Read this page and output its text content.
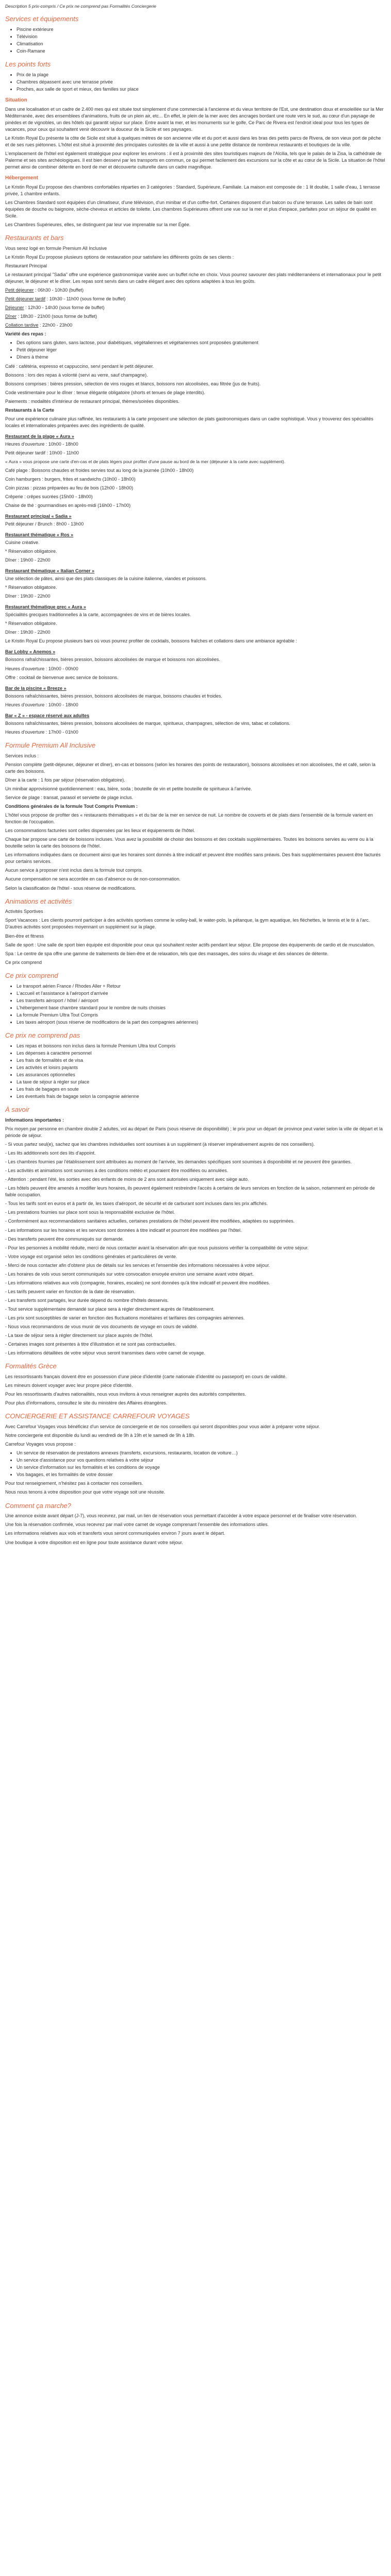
Description 5 prix-compris / Ce prix ne comprend pas Formalités Conciergerie

Services et équipements
• Piscine extérieure
• Télévision
• Climatisation
• Coin-Ramane
Les points forts
• Prix de la plage
• Chambres dépassent avec une terrasse privée
• Proches, aux salle de sport et mieux, des familles sur place
Situation

Dans une localisation et un cadre de 2.400 mes qui est située tout simplement d'une commercial à l'ancienne et du vieux territoire de l'Est, une destination doux et ensoleillée sur la Mer Méditerranée, avec des ensemblees d'animations, fruits de un plein air, etc... En effet, le plein de la mer avec des ancrages bordant une route vers le sud, au cœur d'un paysage de pinèdes et de vignobles, un des hôtels qui garantit séjour sur place. Entre avant la mer, et les monuments sur le golfe, Ce Parc de Rivera est l'endroit ideal pour tous les types de vacances, pour ceux qui souhaitent venir découvrir la douceur de la Sicile et ses paysages.

Le Kristin Royal Eu présente la côte de Sicile est situé à quelques mètres de son ancienne ville et du port et aussi dans les bras des petits parcs de Rivera, de son vieux port de pêche et de ses rues piétonnes. L'hôtel est situé à proximité des principales curiosités de la ville et aussi à une petite distance de nombreux restaurants et boutiques de la ville.

L'emplacement de l'hôtel est également stratégique pour explorer les environs : il est à proximité des sites touristiques majeurs de l'Alcilia, tels que le palais de la Zisa, la cathédrale de Palerme et ses sites archéologiques. Il est bien desservi par les transports en commun, ce qui permet facilement des excursions sur la côte et au cœur de la Sicile. La situation de l'hôtel permet ainsi de combiner détente en bord de mer et découverte culturelle dans un cadre magnifique.

Hébergement

Le Kristin Royal Eu propose des chambres confortables réparties en 3 catégories : Standard, Supérieure, Familiale. La maison est composée de : 1 lit double, 1 salle d'eau, 1 terrasse privée, 1 chambre enfants.

Les Chambres Standard sont équipées d'un climatiseur, d'une télévision, d'un minibar et d'un coffre-fort. Certaines disposent d'un balcon ou d'une terrasse. Les salles de bain sont équipées de douche ou baignoire, sèche-cheveux et articles de toilette. Les chambres Supérieures offrent une vue sur la mer et plus d'espace, parfaites pour un séjour de qualité en Sicile.

Les Chambres Supérieures, elles, se distinguent par leur vue imprenable sur la mer Égée.

Restaurants et bars

Vous serez logé en formule Premium All Inclusive

Le Kristin Royal Eu propose plusieurs options de restauration pour satisfaire les différents goûts de ses clients :

Restaurant Principal

Le restaurant principal "Sadia" offre une expérience gastronomique variée avec un buffet riche en choix. Vous pourrez savourer des plats méditerranéens et internationaux pour le petit déjeuner, le déjeuner et le dîner. Les repas sont servis dans un cadre élégant avec des options adaptées à tous les goûts.

Petit déjeuner : 06h30 - 10h30 (buffet)

Petit déjeuner tardif : 10h30 - 11h00 (sous forme de buffet)

Déjeuner : 12h30 - 14h30 (sous forme de buffet)

Dîner : 18h30 - 21h00 (sous forme de buffet)

Collation tardive : 22h00 - 23h00

Variété des repas :

• Des options sans gluten, sans lactose, pour diabétiques, végétaliennes et végétariennes sont proposées gratuitement
• Petit déjeuner léger
• Dîners à thème

Café : cafétéria, espresso et cappuccino, servi pendant le petit déjeuner.

Boissons : lors des repas à volonté (servi au verre, sauf champagne).

Boissons comprises : bières pression, sélection de vins rouges et blancs, boissons non alcoolisées, eau filtrée (jus de fruits).

Code vestimentaire pour le dîner : tenue élégante obligatoire (shorts et tenues de plage interdits).

Paiements : modalités d'intérieur de restaurant principal, thèmes/soirées disponibles.

Restaurants à la Carte

Pour une expérience culinaire plus raffinée, les restaurants à la carte proposent une sélection de plats gastronomiques dans un cadre sophistiqué. Vous y trouverez des spécialités locales et internationales préparées avec des ingrédients de qualité.

Restaurant de la plage « Aura »

Heures d'ouverture : 10h00 - 18h00

Petit déjeuner tardif : 10h00 - 11h00

« Aura » vous propose une carte d'en-cas et de plats légers pour profiter d'une pause au bord de la mer (déjeuner à la carte avec supplément).

Café plage : Boissons chaudes et froides servies tout au long de la journée (10h00 - 18h00)

Coin hamburgers : burgers, frites et sandwichs (10h00 - 18h00)

Coin pizzas : pizzas préparées au feu de bois (12h00 - 18h00)

Crêperie : crêpes sucrées (15h00 - 18h00)

Chaise de thé : gourmandises en après-midi (16h00 - 17h00)

Restaurant principal « Sadia »

Petit déjeuner / Brunch : 8h00 - 13h00

Restaurant thématique « Ros »

Cuisine créative.

* Réservation obligatoire.

Dîner : 19h00 - 22h00

Restaurant thématique « Italian Corner »

Une sélection de pâtes, ainsi que des plats classiques de la cuisine italienne, viandes et poissons.

* Réservation obligatoire.

Dîner : 19h30 - 22h00

Restaurant thématique grec « Aura »

Spécialités grecques traditionnelles à la carte, accompagnées de vins et de bières locales.

* Réservation obligatoire.

Dîner : 19h30 - 22h00

Le Kristin Royal Eu propose plusieurs bars où vous pourrez profiter de cocktails, boissons fraîches et collations dans une ambiance agréable :

Bar Lobby « Anemos »

Boissons rafraîchissantes, bières pression, boissons alcoolisées de marque et boissons non alcoolisées.

Heures d'ouverture : 10h00 - 00h00

Offre : cocktail de bienvenue avec service de boissons.

Bar de la piscine « Breeze »

Boissons rafraîchissantes, bières pression, boissons alcoolisées de marque, boissons chaudes et froides.

Heures d'ouverture : 10h00 - 18h00

Bar « Z » - espace réservé aux adultes

Boissons rafraîchissantes, bières pression, boissons alcoolisées de marque, spiritueux, champagnes, sélection de vins, tabac et collations.

Heures d'ouverture : 17h00 - 01h00

Formule Premium All Inclusive

Services inclus :

Pension complète (petit-déjeuner, déjeuner et dîner), en-cas et boissons (selon les horaires des points de restauration), boissons alcoolisées et non alcoolisées, thé et café, selon la carte des boissons.

Dîner à la carte : 1 fois par séjour (réservation obligatoire).

Un minibar approvisionné quotidiennement : eau, bière, soda ; bouteille de vin et petite bouteille de spiritueux à l'arrivée.

Service de plage : transat, parasol et serviette de plage inclus.

Conditions générales de la formule Tout Compris Premium :

L'hôtel vous propose de profiter des « restaurants thématiques » et du bar de la mer en service de nuit. Le nombre de couverts et de plats dans l'ensemble de la formule varient en fonction de l'occupation.

Les consommations facturées sont celles dispensées par les lieux et équipements de l'hôtel.

Chaque bar propose une carte de boissons incluses. Vous avez la possibilité de choisir des boissons et des cocktails supplémentaires. Toutes les boissons servies au verre ou à la bouteille selon la carte des boissons de l'hôtel.

Les informations indiquées dans ce document ainsi que les horaires sont donnés à titre indicatif et peuvent être modifiés sans préavis. Des frais supplémentaires peuvent être facturés pour certains services.

Aucun service à proposer n'est inclus dans la formule tout compris.

Aucune compensation ne sera accordée en cas d'absence ou de non-consommation.

Selon la classification de l'hôtel - sous réserve de modifications.

Animations et activités

Activités Sportives

Sport Vacances : Les clients pourront participer à des activités sportives comme le volley-ball, le water-polo, la pétanque, la gym aquatique, les fléchettes, le tennis et le tir à l'arc. D'autres activités sont proposées moyennant un supplément sur la plage.

Bien-être et fitness

Salle de sport : Une salle de sport bien équipée est disponible pour ceux qui souhaitent rester actifs pendant leur séjour. Elle propose des équipements de cardio et de musculation.

Spa : Le centre de spa offre une gamme de traitements de bien-être et de relaxation, tels que des massages, des soins du visage et des séances de détente.

Ce prix comprend

Ce prix comprend
• Le transport aérien France / Rhodes Aller + Retour
• L'accueil et l'assistance à l'aéroport d'arrivée
• Les transferts aéroport / hôtel / aéroport
• L'hébergement base chambre standard pour le nombre de nuits choisies
• La formule Premium Ultra Tout Compris
• Les taxes aéroport (sous réserve de modifications de la part des compagnies aériennes)
Ce prix ne comprend pas
• Les repas et boissons non inclus dans la formule Premium Ultra tout Compris
• Les dépenses à caractère personnel
• Les frais de formalités et de visa
• Les activités et loisirs payants
• Les assurances optionnelles
• La taxe de séjour à régler sur place
• Les frais de bagages en soute
• Les éventuels frais de bagage selon la compagnie aérienne
À savoir

Informations importantes :

Prix moyen par personne en chambre double 2 adultes, vol au départ de Paris (sous réserve de disponibilité) ; le prix pour un départ de province peut varier selon la ville de départ et la période de séjour.

- Si vous partez seul(e), sachez que les chambres individuelles sont soumises à un supplément (à réserver impérativement auprès de nos conseillers).

- Les lits additionnels sont des lits d'appoint.

- Les chambres fournies par l'établissement sont attribuées au moment de l'arrivée, les demandes spécifiques sont soumises à disponibilité et ne peuvent être garanties.

- Les activités et animations sont soumises à des conditions météo et pourraient être modifiées ou annulées.

- Attention : pendant l'été, les sorties avec des enfants de moins de 2 ans sont autorisées uniquement avec siège auto.

- Les hôtels peuvent être amenés à modifier leurs horaires, ils peuvent également restreindre l'accès à certains de leurs services en fonction de la saison, notamment en période de faible occupation.

- Tous les tarifs sont en euros et à partir de, les taxes d'aéroport, de sécurité et de carburant sont incluses dans les prix affichés.

- Les prestations fournies sur place sont sous la responsabilité exclusive de l'hôtel.

- Conformément aux recommandations sanitaires actuelles, certaines prestations de l'hôtel peuvent être modifiées, adaptées ou supprimées.

- Les informations sur les horaires et les services sont données à titre indicatif et pourront être modifiées par l'hôtel.

- Des transferts peuvent être communiqués sur demande.

- Pour les personnes à mobilité réduite, merci de nous contacter avant la réservation afin que nous puissions vérifier la compatibilité de votre séjour.

- Votre voyage est organisé selon les conditions générales et particulières de vente.

- Merci de nous contacter afin d'obtenir plus de détails sur les services et l'ensemble des informations nécessaires à votre séjour.

- Les horaires de vols vous seront communiqués sur votre convocation envoyée environ une semaine avant votre départ.

- Les informations relatives aux vols (compagnie, horaires, escales) ne sont données qu'à titre indicatif et peuvent être modifiées.

- Les tarifs peuvent varier en fonction de la date de réservation.

- Les transferts sont partagés, leur durée dépend du nombre d'hôtels desservis.

- Tout service supplémentaire demandé sur place sera à régler directement auprès de l'établissement.

- Les prix sont susceptibles de varier en fonction des fluctuations monétaires et tarifaires des compagnies aériennes.

- Nous vous recommandons de vous munir de vos documents de voyage en cours de validité.

- La taxe de séjour sera à régler directement sur place auprès de l'hôtel.

- Certaines images sont présentes à titre d'illustration et ne sont pas contractuelles.

- Les informations détaillées de votre séjour vous seront transmises dans votre carnet de voyage.

Formalités Grèce

Les ressortissants français doivent être en possession d'une pièce d'identité (carte nationale d'identité ou passeport) en cours de validité.

Les mineurs doivent voyager avec leur propre pièce d'identité.

Pour les ressortissants d'autres nationalités, nous vous invitons à vous renseigner auprès des autorités compétentes.

Pour plus d'informations, consultez le site du ministère des Affaires étrangères.

CONCIERGERIE ET ASSISTANCE CARREFOUR VOYAGES

Avec Carrefour Voyages vous bénéficiez d'un service de conciergerie et de nos conseillers qui seront disponibles pour vous aider à préparer votre séjour.

Notre conciergerie est disponible du lundi au vendredi de 9h à 19h et le samedi de 9h à 18h.

Carrefour Voyages vous propose :

• Un service de réservation de prestations annexes (transferts, excursions, restaurants, location de voiture…)
• Un service d'assistance pour vos questions relatives à votre séjour
• Un service d'information sur les formalités et les conditions de voyage
• Vos bagages, et les formalités de votre dossier

Pour tout renseignement, n'hésitez pas à contacter nos conseillers.

Nous nous tenons à votre disposition pour que votre voyage soit une réussite.

Comment ça marche?

Une annonce existe avant départ (J-7), vous recevrez, par mail, un lien de réservation vous permettant d'accéder à votre espace personnel et de finaliser votre réservation.

Une fois la réservation confirmée, vous recevrez par mail votre carnet de voyage comprenant l'ensemble des informations utiles.

Les informations relatives aux vols et transferts vous seront communiquées environ 7 jours avant le départ.

Une boutique à votre disposition est en ligne pour toute assistance durant votre séjour.
